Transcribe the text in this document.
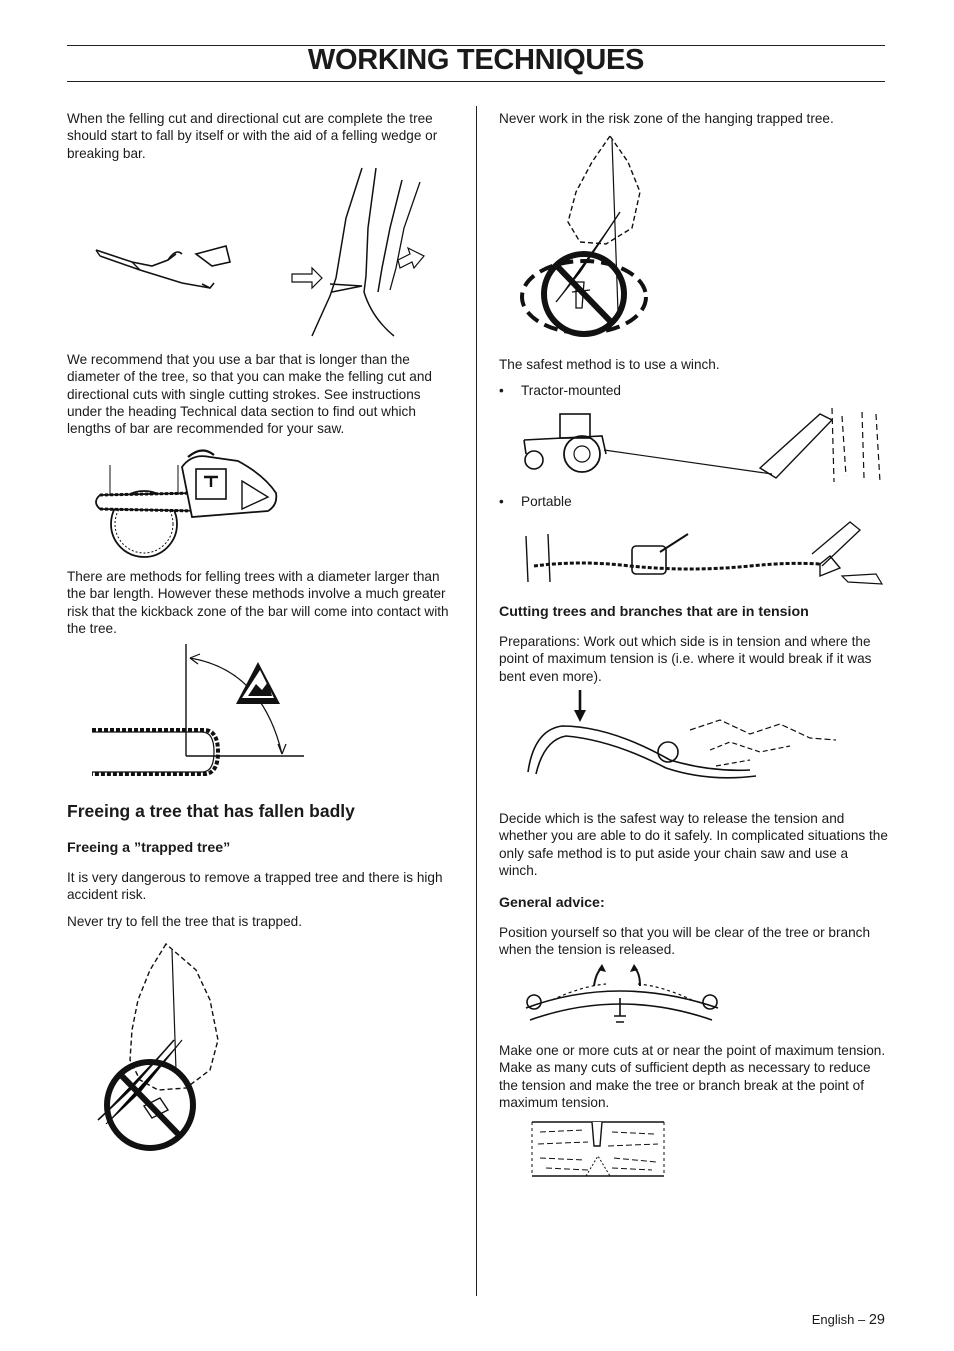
WORKING TECHNIQUES

When the felling cut and directional cut are complete the tree should start to fall by itself or with the aid of a felling wedge or breaking bar.

We recommend that you use a bar that is longer than the diameter of the tree, so that you can make the felling cut and directional cuts with single cutting strokes. See instructions under the heading Technical data section to find out which lengths of bar are recommended for your saw.

There are methods for felling trees with a diameter larger than the bar length. However these methods involve a much greater risk that the kickback zone of the bar will come into contact with the tree.

Freeing a tree that has fallen badly
Freeing a ”trapped tree”

It is very dangerous to remove a trapped tree and there is high accident risk.

Never try to fell the tree that is trapped.

Never work in the risk zone of the hanging trapped tree.

The safest method is to use a winch.

• Tractor-mounted
• Portable
Cutting trees and branches that are in tension

Preparations: Work out which side is in tension and where the point of maximum tension is (i.e. where it would break if it was bent even more).

Decide which is the safest way to release the tension and whether you are able to do it safely. In complicated situations the only safe method is to put aside your chain saw and use a winch.

General advice:

Position yourself so that you will be clear of the tree or branch when the tension is released.

Make one or more cuts at or near the point of maximum tension. Make as many cuts of sufficient depth as necessary to reduce the tension and make the tree or branch break at the point of maximum tension.

English – 29
